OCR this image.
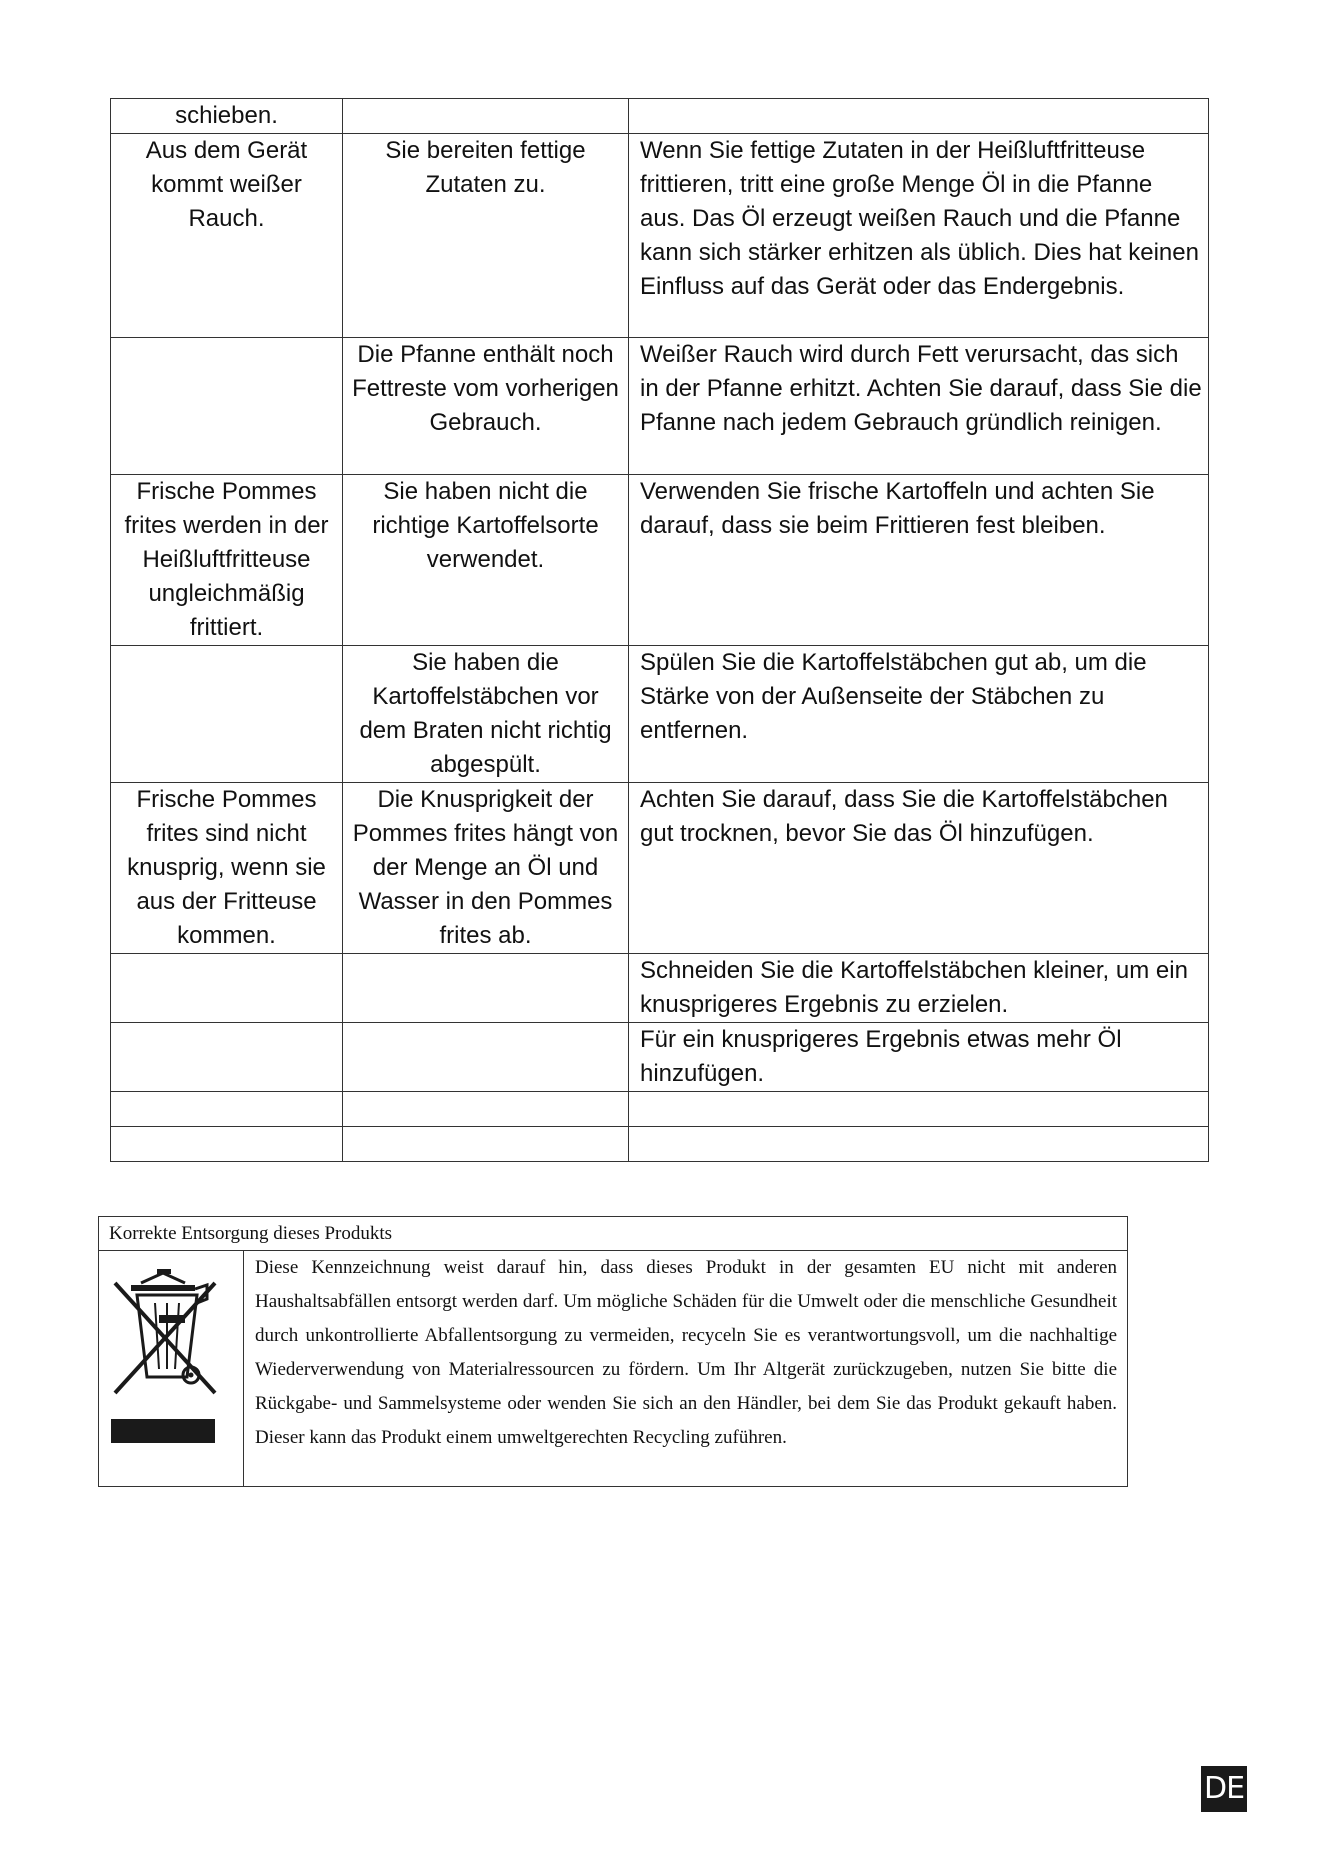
schieben.		
Aus dem Gerät kommt weißer Rauch.	Sie bereiten fettige Zutaten zu.	Wenn Sie fettige Zutaten in der Heißluftfritteuse frittieren, tritt eine große Menge Öl in die Pfanne aus. Das Öl erzeugt weißen Rauch und die Pfanne kann sich stärker erhitzen als üblich. Dies hat keinen Einfluss auf das Gerät oder das Endergebnis.
	Die Pfanne enthält noch Fettreste vom vorherigen Gebrauch.	Weißer Rauch wird durch Fett verursacht, das sich in der Pfanne erhitzt. Achten Sie darauf, dass Sie die Pfanne nach jedem Gebrauch gründlich reinigen.
Frische Pommes frites werden in der Heißluftfritteuse ungleichmäßig frittiert.	Sie haben nicht die richtige Kartoffelsorte verwendet.	Verwenden Sie frische Kartoffeln und achten Sie darauf, dass sie beim Frittieren fest bleiben.
	Sie haben die Kartoffelstäbchen vor dem Braten nicht richtig abgespült.	Spülen Sie die Kartoffelstäbchen gut ab, um die Stärke von der Außenseite der Stäbchen zu entfernen.
Frische Pommes frites sind nicht knusprig, wenn sie aus der Fritteuse kommen.	Die Knusprigkeit der Pommes frites hängt von der Menge an Öl und Wasser in den Pommes frites ab.	Achten Sie darauf, dass Sie die Kartoffelstäbchen gut trocknen, bevor Sie das Öl hinzufügen.
		Schneiden Sie die Kartoffelstäbchen kleiner, um ein knusprigeres Ergebnis zu erzielen.
		Für ein knusprigeres Ergebnis etwas mehr Öl hinzufügen.

Korrekte Entsorgung dieses Produkts

	Diese Kennzeichnung weist darauf hin, dass dieses Produkt in der gesamten EU nicht mit anderen Haushaltsabfällen entsorgt werden darf. Um mögliche Schäden für die Umwelt oder die menschliche Gesundheit durch unkontrollierte Abfallentsorgung zu vermeiden, recyceln Sie es verantwortungsvoll, um die nachhaltige Wiederverwendung von Materialressourcen zu fördern. Um Ihr Altgerät zurückzugeben, nutzen Sie bitte die Rückgabe- und Sammelsysteme oder wenden Sie sich an den Händler, bei dem Sie das Produkt gekauft haben. Dieser kann das Produkt einem umweltgerechten Recycling zuführen.
DE
